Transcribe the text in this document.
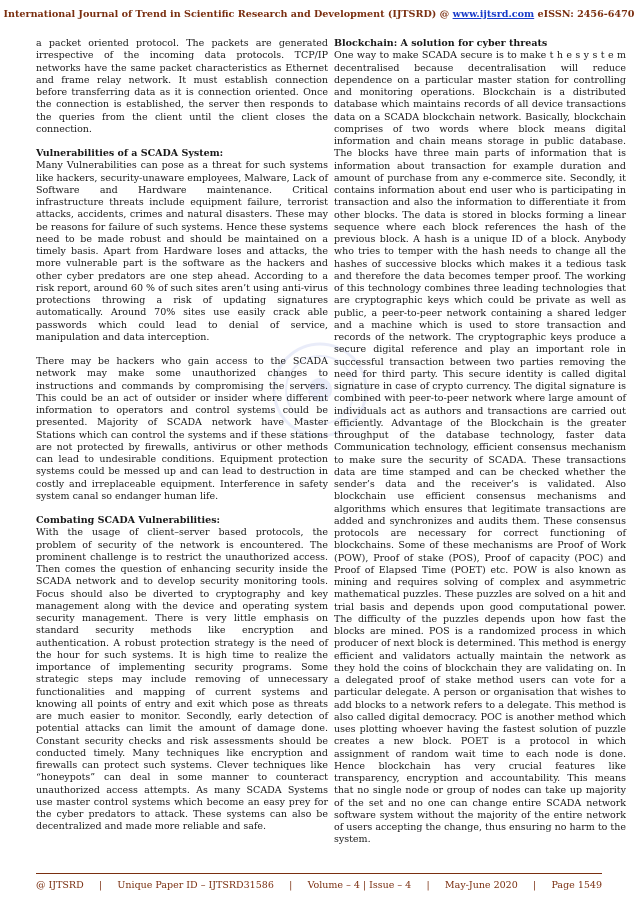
International Journal of Trend in Scientific Research and Development (IJTSRD) @ www.ijtsrd.com eISSN: 2456-6470

a packet oriented protocol. The packets are generated irrespective of the incoming data protocols. TCP/IP networks have the same packet characteristics as Ethernet and frame relay network. It must establish connection before transferring data as it is connection oriented. Once the connection is established, the server then responds to the queries from the client until the client closes the connection.

Vulnerabilities of a SCADA System:

Many Vulnerabilities can pose as a threat for such systems like hackers, security-unaware employees, Malware, Lack of Software and Hardware maintenance. Critical infrastructure threats include equipment failure, terrorist attacks, accidents, crimes and natural disasters. These may be reasons for failure of such systems. Hence these systems need to be made robust and should be maintained on a timely basis. Apart from Hardware loses and attacks, the more vulnerable part is the software as the hackers and other cyber predators are one step ahead. According to a risk report, around 60 % of such sites aren’t using anti-virus protections throwing a risk of updating signatures automatically. Around 70% sites use easily crack able passwords which could lead to denial of service, manipulation and data interception.

There may be hackers who gain access to the SCADA network may make some unauthorized changes to instructions and commands by compromising the servers. This could be an act of outsider or insider where different information to operators and control systems could be presented. Majority of SCADA network have Master Stations which can control the systems and if these stations are not protected by firewalls, antivirus or other methods can lead to undesirable conditions. Equipment protection systems could be messed up and can lead to destruction in costly and irreplaceable equipment. Interference in safety system canal so endanger human life.

Combating SCADA Vulnerabilities:

With the usage of client–server based protocols, the problem of security of the network is encountered. The prominent challenge is to restrict the unauthorized access. Then comes the question of enhancing security inside the SCADA network and to develop security monitoring tools. Focus should also be diverted to cryptography and key management along with the device and operating system security management. There is very little emphasis on standard security methods like encryption and authentication. A robust protection strategy is the need of the hour for such systems. It is high time to realize the importance of implementing security programs. Some strategic steps may include removing of unnecessary functionalities and mapping of current systems and knowing all points of entry and exit which pose as threats are much easier to monitor. Secondly, early detection of potential attacks can limit the amount of damage done. Constant security checks and risk assessments should be conducted timely. Many techniques like encryption and firewalls can protect such systems. Clever techniques like “honeypots” can deal in some manner to counteract unauthorized access attempts. As many SCADA Systems use master control systems which become an easy prey for the cyber predators to attack. These systems can also be decentralized and made more reliable and safe.

Blockchain: A solution for cyber threats

One way to make SCADA secure is to make t h e s y s t e m decentralised because decentralisation will reduce dependence on a particular master station for controlling and monitoring operations. Blockchain is a distributed database which maintains records of all device transactions data on a SCADA blockchain network. Basically, blockchain comprises of two words where block means digital information and chain means storage in public database. The blocks have three main parts of information that is information about transaction for example duration and amount of purchase from any e-commerce site. Secondly, it contains information about end user who is participating in transaction and also the information to differentiate it from other blocks. The data is stored in blocks forming a linear sequence where each block references the hash of the previous block. A hash is a unique ID of a block. Anybody who tries to temper with the hash needs to change all the hashes of successive blocks which makes it a tedious task and therefore the data becomes temper proof. The working of this technology combines three leading technologies that are cryptographic keys which could be private as well as public, a peer-to-peer network containing a shared ledger and a machine which is used to store transaction and records of the network. The cryptographic keys produce a secure digital reference and play an important role in successful transaction between two parties removing the need for third party. This secure identity is called digital signature in case of crypto currency. The digital signature is combined with peer-to-peer network where large amount of individuals act as authors and transactions are carried out efficiently. Advantage of the Blockchain is the greater throughput of the database technology, faster data Communication technology, efficient consensus mechanism to make sure the security of SCADA. These transactions data are time stamped and can be checked whether the sender’s data and the receiver’s is validated. Also blockchain use efficient consensus mechanisms and algorithms which ensures that legitimate transactions are added and synchronizes and audits them. These consensus protocols are necessary for correct functioning of blockchains. Some of these mechanisms are Proof of Work (POW), Proof of stake (POS), Proof of capacity (POC) and Proof of Elapsed Time (POET) etc. POW is also known as mining and requires solving of complex and asymmetric mathematical puzzles. These puzzles are solved on a hit and trial basis and depends upon good computational power. The difficulty of the puzzles depends upon how fast the blocks are mined. POS is a randomized process in which producer of next block is determined. This method is energy efficient and validators actually maintain the network as they hold the coins of blockchain they are validating on. In a delegated proof of stake method users can vote for a particular delegate. A person or organisation that wishes to add blocks to a network refers to a delegate. This method is also called digital democracy. POC is another method which uses plotting whoever having the fastest solution of puzzle creates a new block. POET is a protocol in which assignment of random wait time to each node is done. Hence blockchain has very crucial features like transparency, encryption and accountability. This means that no single node or group of nodes can take up majority of the set and no one can change entire SCADA network software system without the majority of the entire network of users accepting the change, thus ensuring no harm to the system.

@ IJTSRD | Unique Paper ID – IJTSRD31586 | Volume – 4 | Issue – 4 | May-June 2020 | Page 1549
